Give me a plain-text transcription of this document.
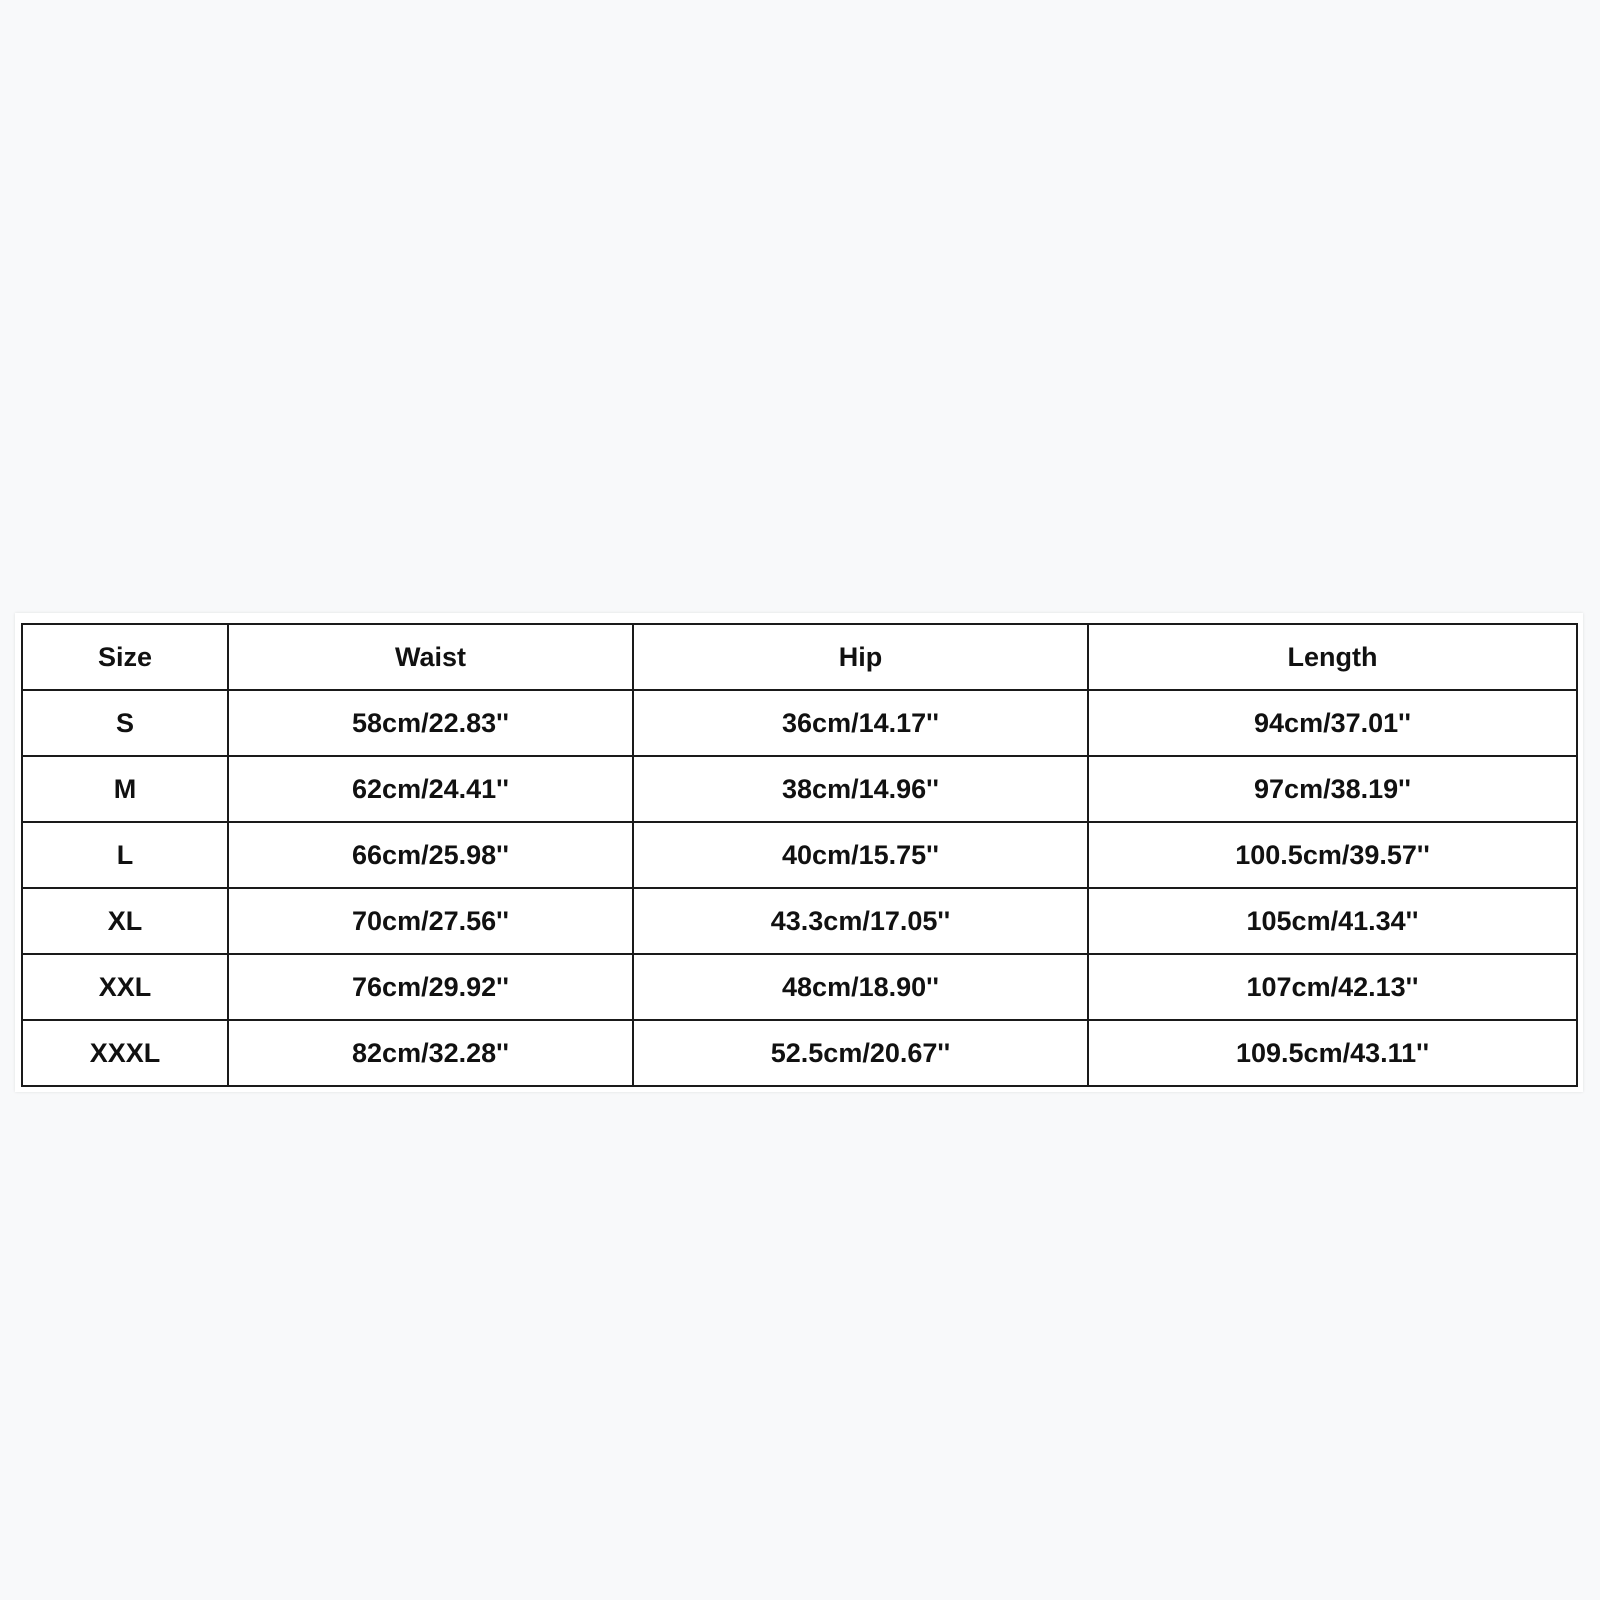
Size	Waist	Hip	Length
S	58cm/22.83''	36cm/14.17''	94cm/37.01''
M	62cm/24.41''	38cm/14.96''	97cm/38.19''
L	66cm/25.98''	40cm/15.75''	100.5cm/39.57''
XL	70cm/27.56''	43.3cm/17.05''	105cm/41.34''
XXL	76cm/29.92''	48cm/18.90''	107cm/42.13''
XXXL	82cm/32.28''	52.5cm/20.67''	109.5cm/43.11''
